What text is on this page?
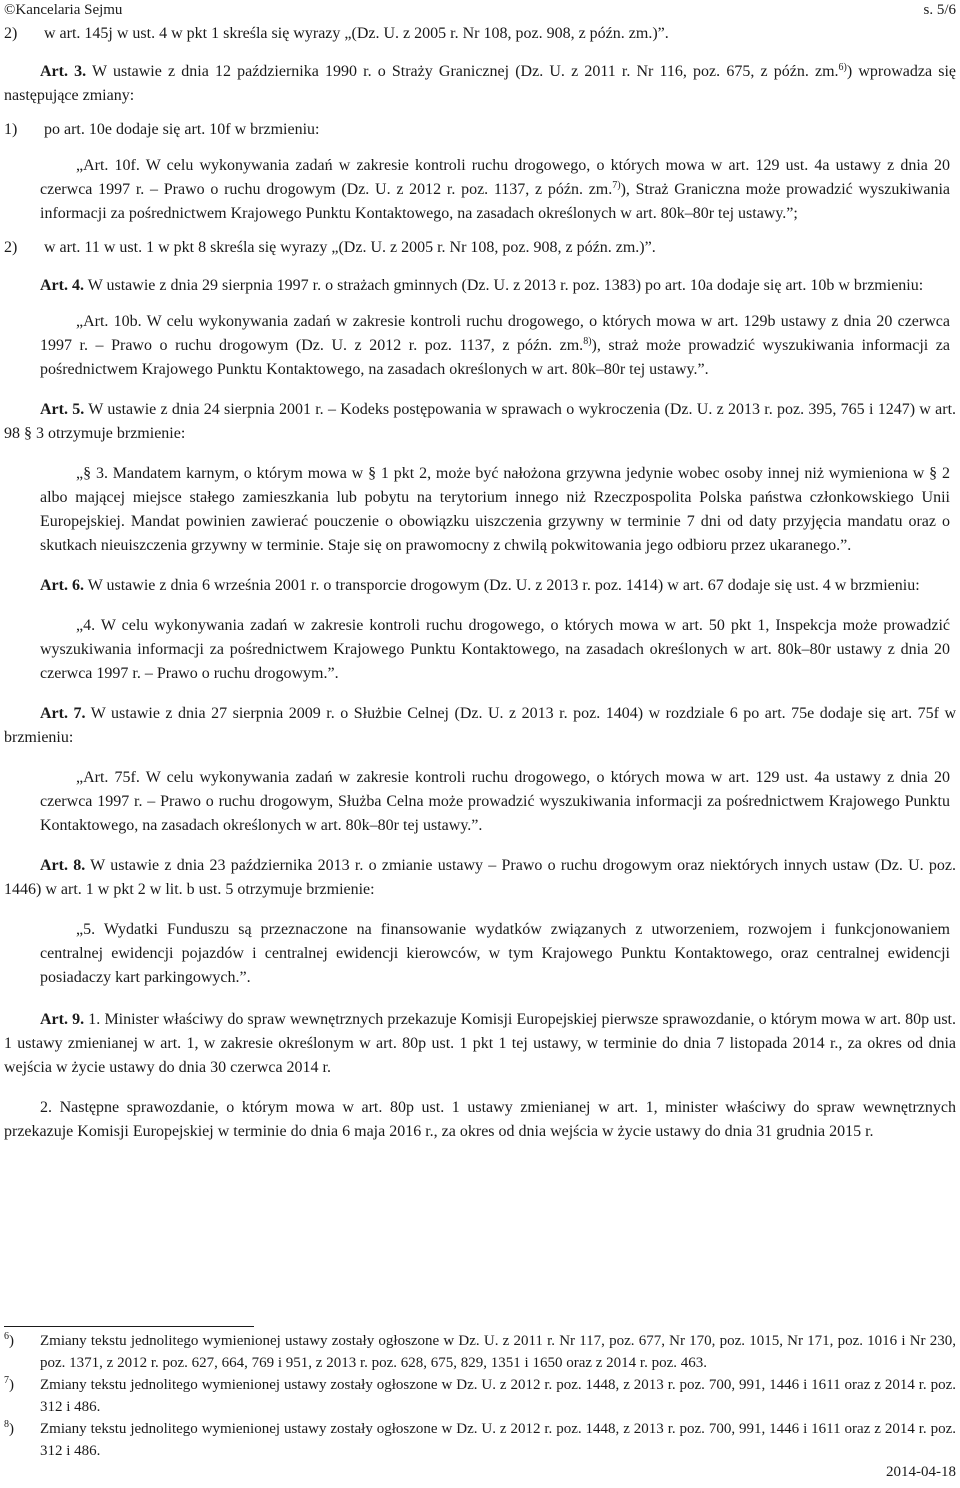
©Kancelaria Sejmu	s. 5/6

2) w art. 145j w ust. 4 w pkt 1 skreśla się wyrazy „(Dz. U. z 2005 r. Nr 108, poz. 908, z późn. zm.)”.

Art. 3. W ustawie z dnia 12 października 1990 r. o Straży Granicznej (Dz. U. z 2011 r. Nr 116, poz. 675, z późn. zm.$^{6)}$) wprowadza się następujące zmiany:

1) po art. 10e dodaje się art. 10f w brzmieniu:

„Art. 10f. W celu wykonywania zadań w zakresie kontroli ruchu drogowego, o których mowa w art. 129 ust. 4a ustawy z dnia 20 czerwca 1997 r. – Prawo o ruchu drogowym (Dz. U. z 2012 r. poz. 1137, z późn. zm.$^{7)}$), Straż Graniczna może prowadzić wyszukiwania informacji za pośrednictwem Krajowego Punktu Kontaktowego, na zasadach określonych w art. 80k–80r tej ustawy.”;

2) w art. 11 w ust. 1 w pkt 8 skreśla się wyrazy „(Dz. U. z 2005 r. Nr 108, poz. 908, z późn. zm.)”.

Art. 4. W ustawie z dnia 29 sierpnia 1997 r. o strażach gminnych (Dz. U. z 2013 r. poz. 1383) po art. 10a dodaje się art. 10b w brzmieniu:

„Art. 10b. W celu wykonywania zadań w zakresie kontroli ruchu drogowego, o których mowa w art. 129b ustawy z dnia 20 czerwca 1997 r. – Prawo o ruchu drogowym (Dz. U. z 2012 r. poz. 1137, z późn. zm.$^{8)}$), straż może prowadzić wyszukiwania informacji za pośrednictwem Krajowego Punktu Kontaktowego, na zasadach określonych w art. 80k–80r tej ustawy.”.

Art. 5. W ustawie z dnia 24 sierpnia 2001 r. – Kodeks postępowania w sprawach o wykroczenia (Dz. U. z 2013 r. poz. 395, 765 i 1247) w art. 98 § 3 otrzymuje brzmienie:

„§ 3. Mandatem karnym, o którym mowa w § 1 pkt 2, może być nałożona grzywna jedynie wobec osoby innej niż wymieniona w § 2 albo mającej miejsce stałego zamieszkania lub pobytu na terytorium innego niż Rzeczpospolita Polska państwa członkowskiego Unii Europejskiej. Mandat powinien zawierać pouczenie o obowiązku uiszczenia grzywny w terminie 7 dni od daty przyjęcia mandatu oraz o skutkach nieuiszczenia grzywny w terminie. Staje się on prawomocny z chwilą pokwitowania jego odbioru przez ukaranego.”.

Art. 6. W ustawie z dnia 6 września 2001 r. o transporcie drogowym (Dz. U. z 2013 r. poz. 1414) w art. 67 dodaje się ust. 4 w brzmieniu:

„4. W celu wykonywania zadań w zakresie kontroli ruchu drogowego, o których mowa w art. 50 pkt 1, Inspekcja może prowadzić wyszukiwania informacji za pośrednictwem Krajowego Punktu Kontaktowego, na zasadach określonych w art. 80k–80r ustawy z dnia 20 czerwca 1997 r. – Prawo o ruchu drogowym.”.

Art. 7. W ustawie z dnia 27 sierpnia 2009 r. o Służbie Celnej (Dz. U. z 2013 r. poz. 1404) w rozdziale 6 po art. 75e dodaje się art. 75f w brzmieniu:

„Art. 75f. W celu wykonywania zadań w zakresie kontroli ruchu drogowego, o których mowa w art. 129 ust. 4a ustawy z dnia 20 czerwca 1997 r. – Prawo o ruchu drogowym, Służba Celna może prowadzić wyszukiwania informacji za pośrednictwem Krajowego Punktu Kontaktowego, na zasadach określonych w art. 80k–80r tej ustawy.”.

Art. 8. W ustawie z dnia 23 października 2013 r. o zmianie ustawy – Prawo o ruchu drogowym oraz niektórych innych ustaw (Dz. U. poz. 1446) w art. 1 w pkt 2 w lit. b ust. 5 otrzymuje brzmienie:

„5. Wydatki Funduszu są przeznaczone na finansowanie wydatków związanych z utworzeniem, rozwojem i funkcjonowaniem centralnej ewidencji pojazdów i centralnej ewidencji kierowców, w tym Krajowego Punktu Kontaktowego, oraz centralnej ewidencji posiadaczy kart parkingowych.”.

Art. 9. 1. Minister właściwy do spraw wewnętrznych przekazuje Komisji Europejskiej pierwsze sprawozdanie, o którym mowa w art. 80p ust. 1 ustawy zmienianej w art. 1, w zakresie określonym w art. 80p ust. 1 pkt 1 tej ustawy, w terminie do dnia 7 listopada 2014 r., za okres od dnia wejścia w życie ustawy do dnia 30 czerwca 2014 r.

2. Następne sprawozdanie, o którym mowa w art. 80p ust. 1 ustawy zmienianej w art. 1, minister właściwy do spraw wewnętrznych przekazuje Komisji Europejskiej w terminie do dnia 6 maja 2016 r., za okres od dnia wejścia w życie ustawy do dnia 31 grudnia 2015 r.

$^6$)	Zmiany tekstu jednolitego wymienionej ustawy zostały ogłoszone w Dz. U. z 2011 r. Nr 117, poz. 677, Nr 170, poz. 1015, Nr 171, poz. 1016 i Nr 230, poz. 1371, z 2012 r. poz. 627, 664, 769 i 951, z 2013 r. poz. 628, 675, 829, 1351 i 1650 oraz z 2014 r. poz. 463.
$^7$)	Zmiany tekstu jednolitego wymienionej ustawy zostały ogłoszone w Dz. U. z 2012 r. poz. 1448, z 2013 r. poz. 700, 991, 1446 i 1611 oraz z 2014 r. poz. 312 i 486.
$^8$)	Zmiany tekstu jednolitego wymienionej ustawy zostały ogłoszone w Dz. U. z 2012 r. poz. 1448, z 2013 r. poz. 700, 991, 1446 i 1611 oraz z 2014 r. poz. 312 i 486.
2014-04-18
